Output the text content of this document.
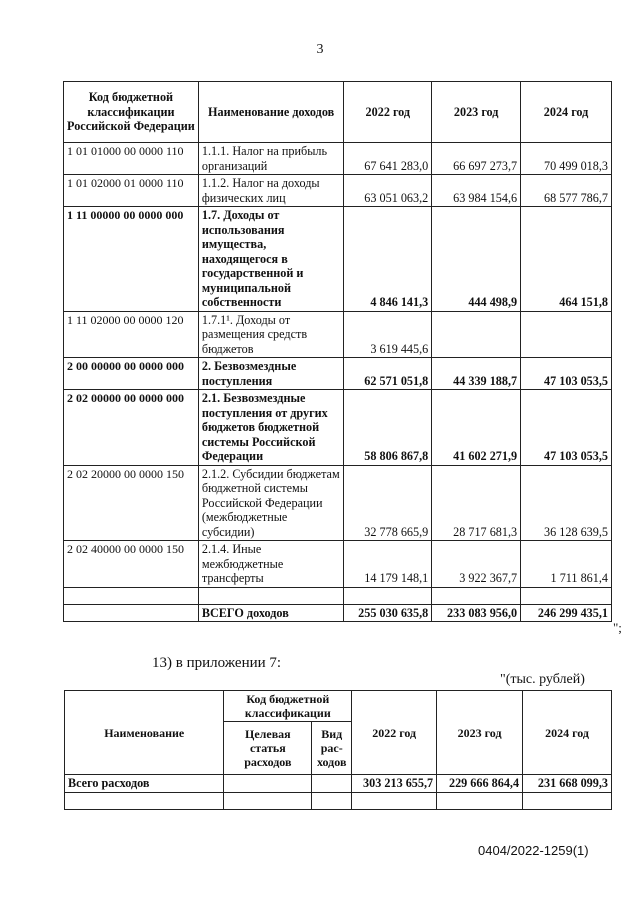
3
Код бюджетной классификации Российской Федерации	Наименование доходов	2022 год	2023 год	2024 год
1 01 01000 00 0000 110	1.1.1. Налог на прибыль организаций	67 641 283,0	66 697 273,7	70 499 018,3
1 01 02000 01 0000 110	1.1.2. Налог на доходы физических лиц	63 051 063,2	63 984 154,6	68 577 786,7
1 11 00000 00 0000 000	1.7. Доходы от использования имущества, находящегося в государственной и муниципальной собственности	4 846 141,3	444 498,9	464 151,8
1 11 02000 00 0000 120	1.7.1¹. Доходы от размещения средств бюджетов	3 619 445,6		
2 00 00000 00 0000 000	2. Безвозмездные поступления	62 571 051,8	44 339 188,7	47 103 053,5
2 02 00000 00 0000 000	2.1. Безвозмездные поступления от других бюджетов бюджетной системы Российской Федерации	58 806 867,8	41 602 271,9	47 103 053,5
2 02 20000 00 0000 150	2.1.2. Субсидии бюджетам бюджетной системы Российской Федерации (межбюджетные субсидии)	32 778 665,9	28 717 681,3	36 128 639,5
2 02 40000 00 0000 150	2.1.4. Иные межбюджетные трансферты	14 179 148,1	3 922 367,7	1 711 861,4

	ВСЕГО доходов	255 030 635,8	233 083 956,0	246 299 435,1
";
13) в приложении 7:
"(тыс. рублей)
Наименование	Код бюджетной классификации		2022 год	2023 год	2024 год
	Целевая статья расходов	Вид рас-ходов			
Всего расходов			303 213 655,7	229 666 864,4	231 668 099,3

0404/2022-1259(1)
